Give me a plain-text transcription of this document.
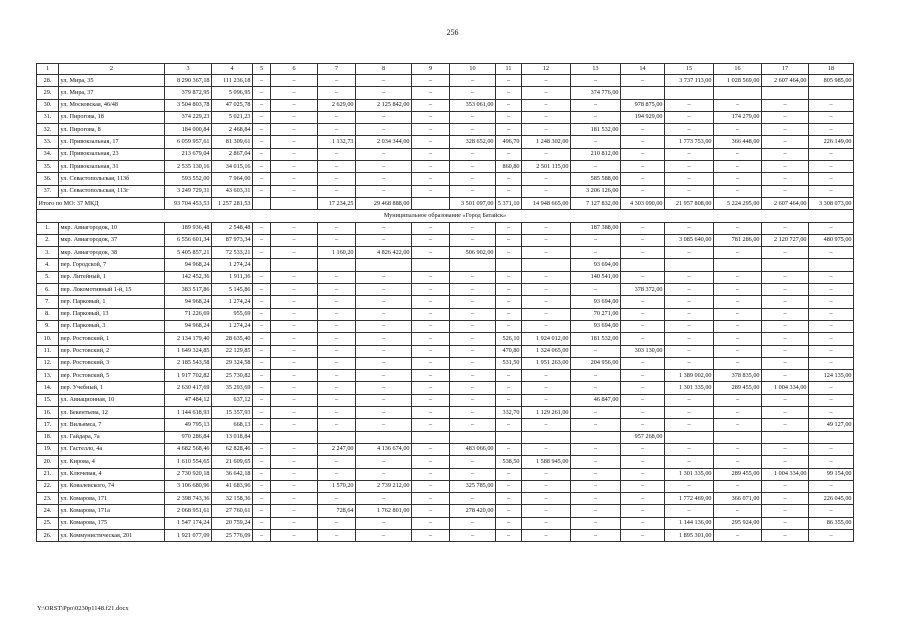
256
1	2	3	4	5	6	7	8	9	10	11	12	13	14	15	16	17	18
28.	ул. Мира, 35	8 290 367,18	111 236,18	–	–	–	–	–	–	–	–	–	–	3 737 113,00	1 028 569,00	2 607 464,00	805 985,00
29.	ул. Мира, 37	379 872,95	5 096,95	–	–	–	–	–	–	–	–	374 776,00					
30.	ул. Московская, 46/48	3 504 803,78	47 025,78	–	–	2 629,00	2 125 842,00	–	353 061,00	–	–	–	978 875,00	–	–	–	–
31.	ул. Пирогова, 18	374 229,23	5 021,23	–	–	–	–	–	–	–	–	–	194 929,00	–	174 279,00	–	–
32.	ул. Пирогова, 8	184 000,84	2 468,84	–	–	–	–	–	–	–	–	181 532,00	–	–	–	–	–
33.	ул. Привокзальная, 17	6 059 957,61	81 309,61	–	–	1 132,73	2 034 344,00	–	328 652,00	496,70	1 248 302,00	–	–	1 773 753,00	366 448,00	–	226 149,00
34.	ул. Привокзальная, 23	213 679,04	2 867,04	–	–	–	–	–	–	–	–	210 812,00	–	–	–	–	–
35.	ул. Привокзальная, 31	2 535 130,16	34 015,16	–	–	–	–	–	–	860,80	2 501 115,00	–	–	–	–	–	–
36.	ул. Севастопольская, 113б	593 552,00	7 964,00	–	–	–	–	–	–	–	–	585 588,00	–	–	–	–	–
37.	ул. Севастопольская, 113г	3 249 729,31	43 603,31	–	–	–	–	–	–	–	–	3 206 126,00	–	–	–	–	–
Итого по МО: 37 МКД		93 704 453,53	1 257 281,53			17 234,25	29 468 888,00		3 501 097,00	5 371,10	14 948 665,00	7 127 832,00	4 303 090,00	21 957 808,00	5 224 295,00	2 607 464,00	3 308 073,00
Муниципальное образование «Город Батайск»																	
1.	мкр. Авиагородок, 10	189 936,48	2 548,48	–	–	–	–	–	–	–	–	187 388,00	–	–	–	–	–
2.	мкр. Авиагородок, 37	6 556 601,34	87 973,34	–	–	–	–	–	–	–	–	–	–	3 085 640,00	781 286,00	2 120 727,00	480 975,00
3.	мкр. Авиагородок, 38	5 405 857,21	72 533,21	–	–	1 160,20	4 826 422,00	–	506 902,00	–	–	–	–	–	–	–	–
4.	пер. Городской, 7	94 968,24	1 274,24									93 694,00					
5.	пер. Литейный, 1	142 452,36	1 911,36	–	–	–	–	–	–	–	–	140 541,00	–	–	–	–	–
6.	пер. Локомотивный 1-й, 15	383 517,86	5 145,86	–	–	–	–	–	–	–	–	–	378 372,00	–	–	–	–
7.	пер. Парковый, 1	94 968,24	1 274,24	–	–	–	–	–	–	–	–	93 694,00	–	–	–	–	–
8.	пер. Парковый, 13	71 226,69	955,69	–	–	–	–	–	–	–	–	70 271,00	–	–	–	–	–
9.	пер. Парковый, 3	94 968,24	1 274,24	–	–	–	–	–	–	–	–	93 694,00	–	–	–	–	–
10.	пер. Ростовский, 1	2 134 179,40	28 635,40	–	–	–	–	–	–	526,10	1 924 012,00	181 532,00	–	–	–	–	–
11.	пер. Ростовский, 2	1 649 324,85	22 129,85	–	–	–	–	–	–	470,80	1 324 065,00	–	303 130,00	–	–	–	–
12.	пер. Ростовский, 3	2 185 543,58	29 324,58	–	–	–	–	–	–	531,50	1 951 263,00	204 956,00	–	–	–	–	–
13.	пер. Ростовский, 5	1 917 702,82	25 730,82	–	–	–	–	–	–	–	–	–	–	1 389 002,00	378 835,00	–	124 135,00
14.	пер. Учебный, 1	2 630 417,69	35 293,69	–	–	–	–	–	–	–	–	–	–	1 301 335,00	289 455,00	1 004 334,00	–
15.	ул. Авиационная, 10	47 484,12	637,12	–	–	–	–	–	–	–	–	46 847,00	–	–	–	–	–
16.	ул. Бекентьева, 12	1 144 618,93	15 357,93	–	–	–	–	–	–	332,70	1 129 261,00	–	–	–	–	–	–
17.	ул. Вильямса, 7	49 795,13	668,13	–	–	–	–	–	–	–	–	–	–	–	–	–	49 127,00
18.	ул. Гайдара, 7а	970 286,84	13 018,84										957 268,00				
19.	ул. Гастелло, 4а	4 682 568,46	62 828,46	–	–	2 247,00	4 136 674,00	–	483 066,00	–	–	–	–	–	–	–	–
20.	ул. Кирова, 4	1 610 554,65	21 609,65	–	–	–	–	–	–	538,50	1 588 945,00	–	–	–	–	–	–
21.	ул. Ключевая, 4	2 730 920,18	36 642,18	–	–	–	–	–	–	–	–	–	–	1 301 335,00	289 455,00	1 004 334,00	99 154,00
22.	ул. Ковалевского, 74	3 106 680,96	41 683,96	–	–	1 570,20	2 739 212,00	–	325 785,00	–	–	–	–	–	–	–	–
23.	ул. Комарова, 171	2 398 743,36	32 158,36	–	–	–	–	–	–	–	–	–	–	1 772 469,00	366 071,00	–	226 045,00
24.	ул. Комарова, 171а	2 068 951,61	27 760,61	–	–	728,64	1 762 801,00	–	278 420,00	–	–	–	–	–	–	–	–
25.	ул. Комарова, 175	1 547 174,24	20 759,24	–	–	–	–	–	–	–	–	–	–	1 144 136,00	295 924,00	–	86 355,00
26.	ул. Коммунистическая, 201	1 921 077,09	25 776,09	–	–	–	–	–	–	–	–	–	–	1 895 301,00	–	–	–
Y:\ORST\Ppo\0230p1148.f21.docx
